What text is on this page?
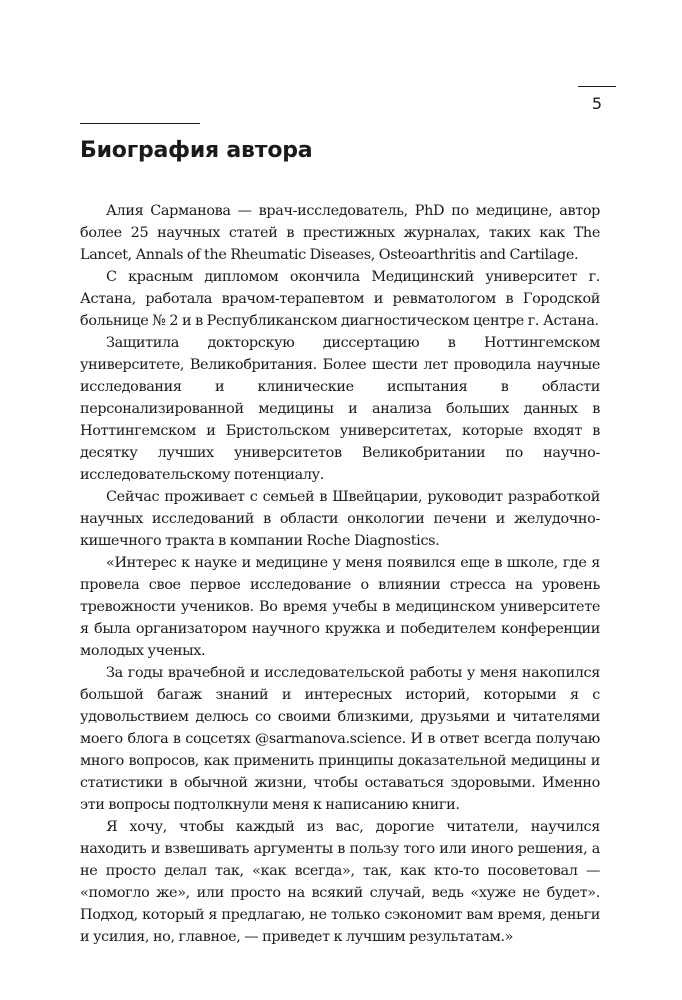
5
Биография автора

Алия Сарманова — врач-исследователь, PhD по медицине, автор более 25 научных статей в престижных журналах, таких как The Lancet, Annals of the Rheumatic Diseases, Osteoarthritis and Cartilage.

С красным дипломом окончила Медицинский университет г. Астана, работала врачом-терапевтом и ревматологом в Городской больнице № 2 и в Республиканском диагностическом центре г. Астана.

Защитила докторскую диссертацию в Ноттингемском университете, Великобритания. Более шести лет проводила научные исследования и клинические испытания в области персонализированной медицины и анализа больших данных в Ноттингемском и Бристольском университетах, которые входят в десятку лучших университетов Великобритании по научно-исследовательскому потенциалу.

Сейчас проживает с семьей в Швейцарии, руководит разработкой научных исследований в области онкологии печени и желудочно-кишечного тракта в компании Roche Diagnostics.

«Интерес к науке и медицине у меня появился еще в школе, где я провела свое первое исследование о влиянии стресса на уровень тревожности учеников. Во время учебы в медицинском университете я была организатором научного кружка и победителем конференции молодых ученых.

За годы врачебной и исследовательской работы у меня накопился большой багаж знаний и интересных историй, которыми я с удовольствием делюсь со своими близкими, друзьями и читателями моего блога в соцсетях @sarmanova.science. И в ответ всегда получаю много вопросов, как применить принципы доказательной медицины и статистики в обычной жизни, чтобы оставаться здоровыми. Именно эти вопросы подтолкнули меня к написанию книги.

Я хочу, чтобы каждый из вас, дорогие читатели, научился находить и взвешивать аргументы в пользу того или иного решения, а не просто делал так, «как всегда», так, как кто-то посоветовал — «помогло же», или просто на всякий случай, ведь «хуже не будет». Подход, который я предлагаю, не только сэкономит вам время, деньги и усилия, но, главное, — приведет к лучшим результатам.»
